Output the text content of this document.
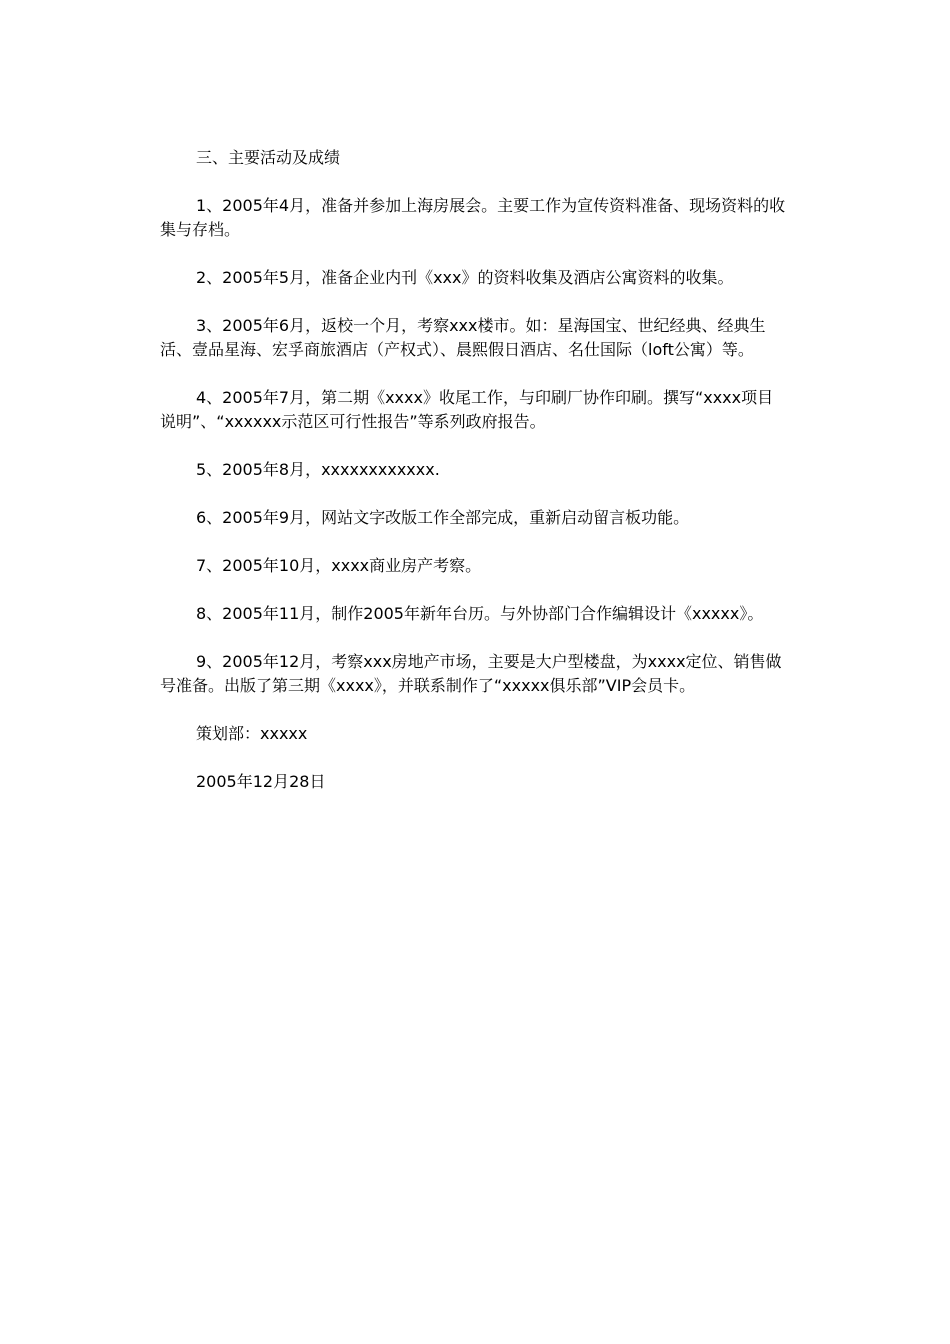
三、主要活动及成绩

1、2005年4月，准备并参加上海房展会。主要工作为宣传资料准备、现场资料的收集与存档。

2、2005年5月，准备企业内刊《xxx》的资料收集及酒店公寓资料的收集。

3、2005年6月，返校一个月，考察xxx楼市。如：星海国宝、世纪经典、经典生活、壹品星海、宏孚商旅酒店（产权式）、晨熙假日酒店、名仕国际（loft公寓）等。

4、2005年7月，第二期《xxxx》收尾工作，与印刷厂协作印刷。撰写“xxxx项目说明”、“xxxxxx示范区可行性报告”等系列政府报告。

5、2005年8月，xxxxxxxxxxxx.

6、2005年9月，网站文字改版工作全部完成，重新启动留言板功能。

7、2005年10月，xxxx商业房产考察。

8、2005年11月，制作2005年新年台历。与外协部门合作编辑设计《xxxxx》。

9、2005年12月，考察xxx房地产市场，主要是大户型楼盘，为xxxx定位、销售做号准备。出版了第三期《xxxx》，并联系制作了“xxxxx俱乐部”VIP会员卡。

策划部：xxxxx

2005年12月28日
